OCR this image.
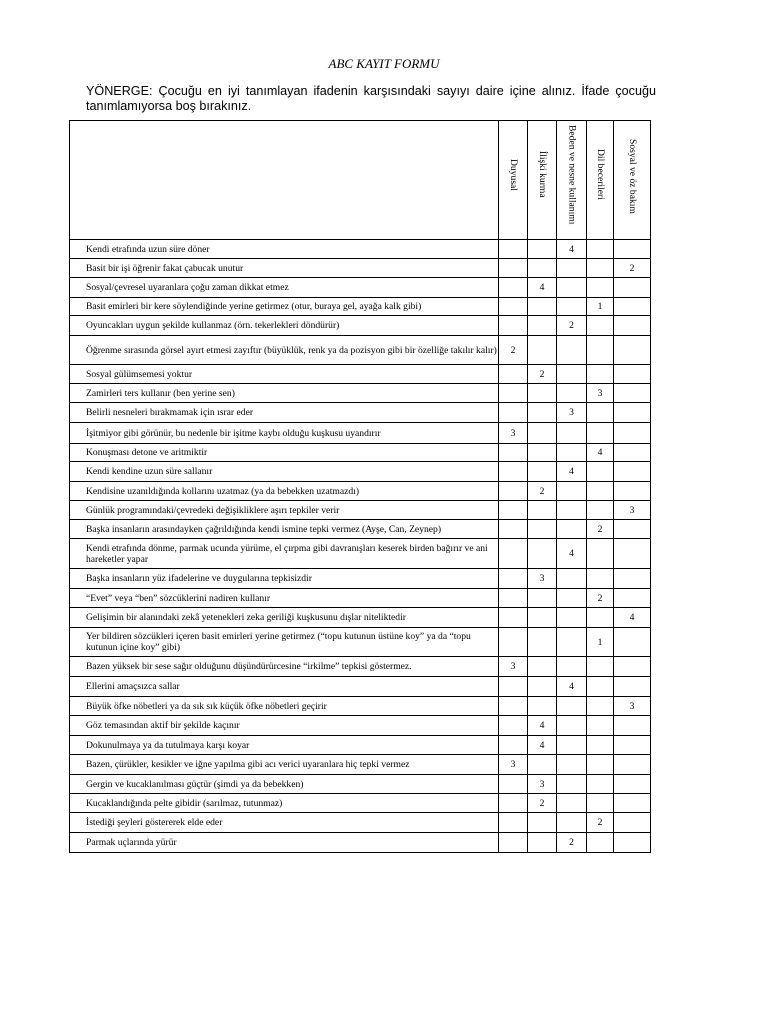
ABC KAYIT FORMU
YÖNERGE: Çocuğu en iyi tanımlayan ifadenin karşısındaki sayıyı daire içine alınız. İfade çocuğu
tanımlamıyorsa boş bırakınız.

	Duyusal	İlişki kurma	Beden ve nesne kullanımı	Dil becerileri	Sosyal ve öz bakım

Kendi etrafında uzun süre döner			4		
Basit bir işi öğrenir fakat çabucak unutur					2
Sosyal/çevresel uyaranlara çoğu zaman dikkat etmez		4			
Basit emirleri bir kere söylendiğinde yerine getirmez (otur, buraya gel, ayağa kalk gibi)				1	
Oyuncakları uygun şekilde kullanmaz (örn. tekerlekleri döndürür)			2		
Öğrenme sırasında görsel ayırt etmesi zayıftır (büyüklük, renk ya da pozisyon gibi bir özelliğe takılır kalır)	2				
Sosyal gülümsemesi yoktur		2			
Zamirleri ters kullanır (ben yerine sen)				3	
Belirli nesneleri bırakmamak için ısrar eder			3		
İşitmiyor gibi görünür, bu nedenle bir işitme kaybı olduğu kuşkusu uyandırır	3				
Konuşması detone ve aritmiktir				4	
Kendi kendine uzun süre sallanır			4		
Kendisine uzanıldığında kollarını uzatmaz (ya da bebekken uzatmazdı)		2			
Günlük programındaki/çevredeki değişikliklere aşırı tepkiler verir					3
Başka insanların arasındayken çağrıldığında kendi ismine tepki vermez (Ayşe, Can, Zeynep)				2	
Kendi etrafında dönme, parmak ucunda yürüme, el çırpma gibi davranışları keserek birden bağırır ve ani hareketler yapar			4		
Başka insanların yüz ifadelerine ve duygularına tepkisizdir		3			
“Evet” veya “ben” sözcüklerini nadiren kullanır				2	
Gelişimin bir alanındaki zekâ yetenekleri zeka geriliği kuşkusunu dışlar niteliktedir					4
Yer bildiren sözcükleri içeren basit emirleri yerine getirmez (“topu kutunun üstüne koy” ya da “topu kutunun içine koy” gibi)				1	
Bazen yüksek bir sese sağır olduğunu düşündürürcesine “irkilme” tepkisi göstermez.	3				
Ellerini amaçsızca sallar			4		
Büyük öfke nöbetleri ya da sık sık küçük öfke nöbetleri geçirir					3
Göz temasından aktif bir şekilde kaçınır		4			
Dokunulmaya ya da tutulmaya karşı koyar		4			
Bazen, çürükler, kesikler ve iğne yapılma gibi acı verici uyaranlara hiç tepki vermez	3				
Gergin ve kucaklanılması güçtür (şimdi ya da bebekken)		3			
Kucaklandığında pelte gibidir (sarılmaz, tutunmaz)		2			
İstediği şeyleri göstererek elde eder				2	
Parmak uçlarında yürür			2		
